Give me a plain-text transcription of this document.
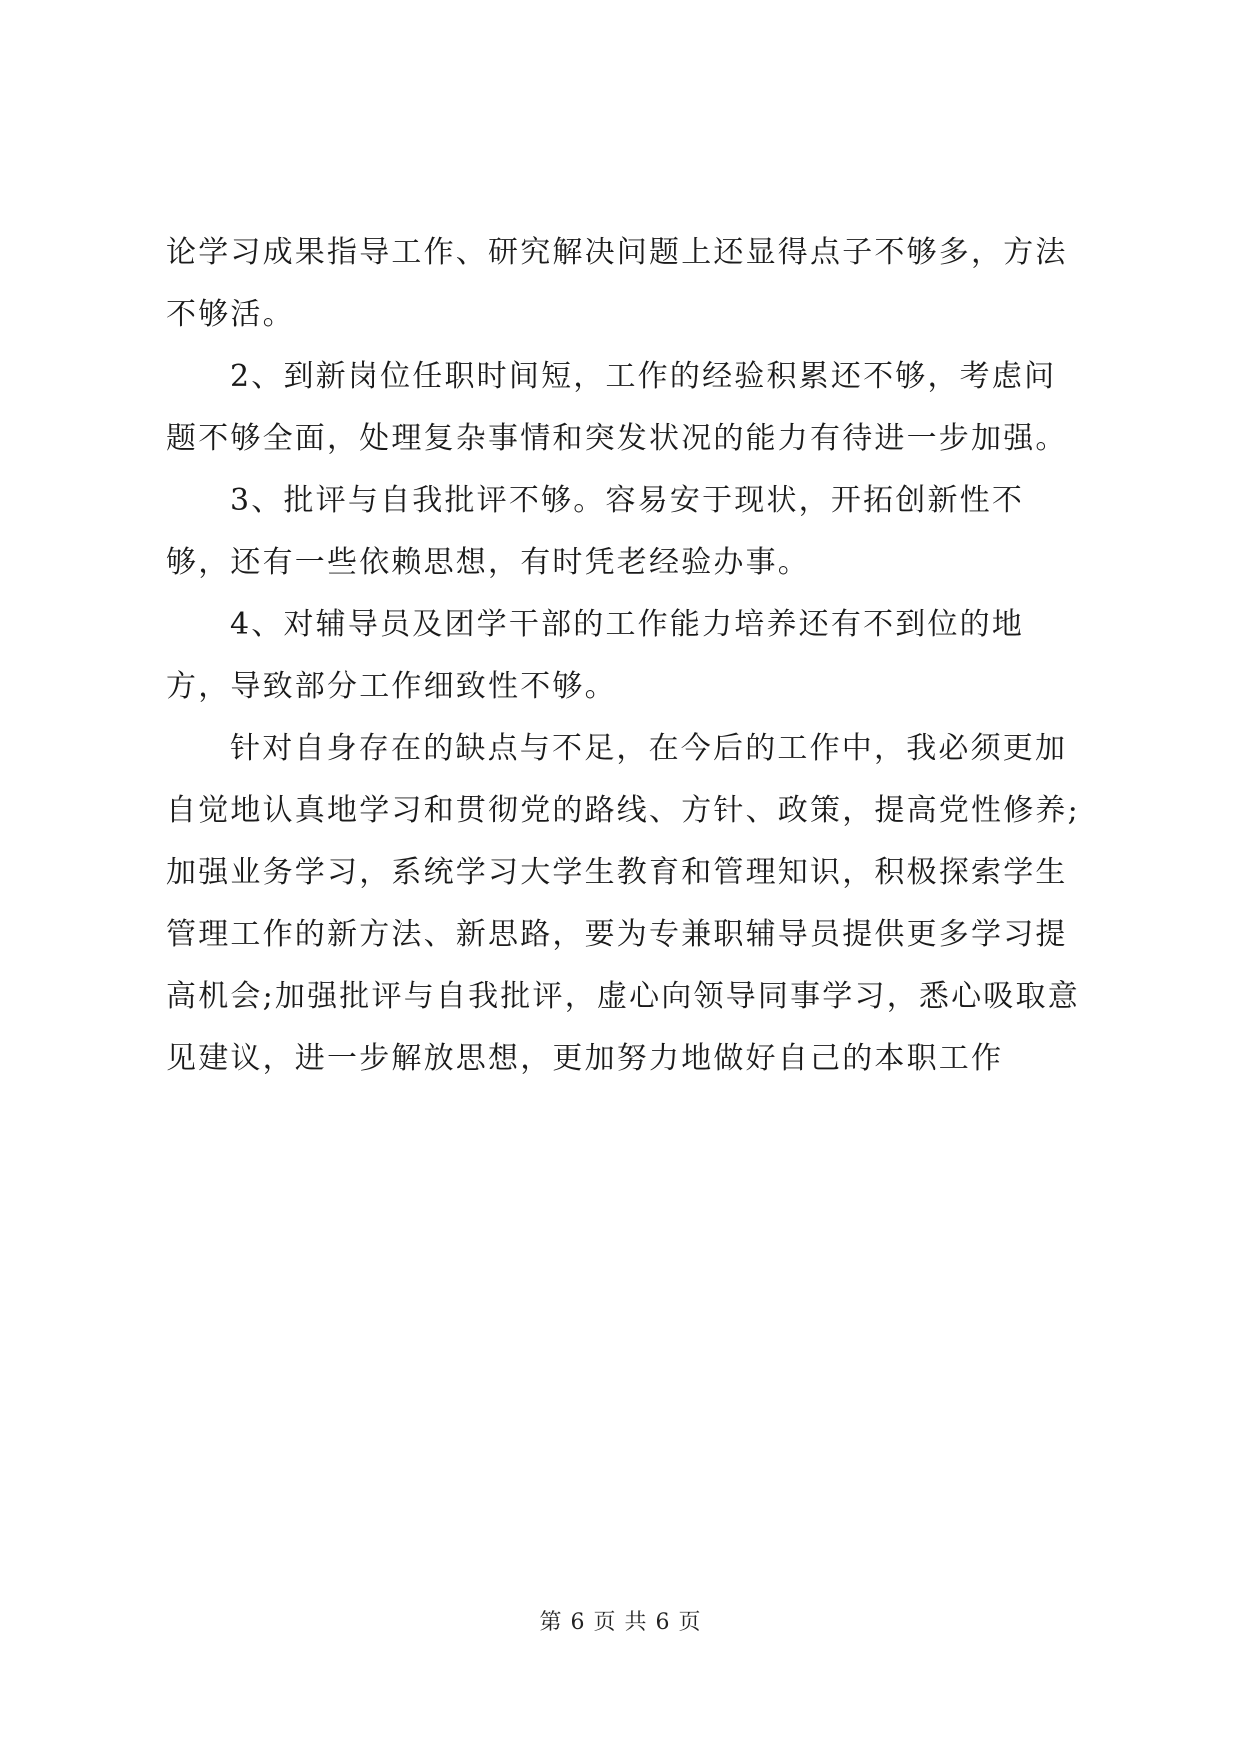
论学习成果指导工作、研究解决问题上还显得点子不够多，方法不够活。

2、到新岗位任职时间短，工作的经验积累还不够，考虑问题不够全面，处理复杂事情和突发状况的能力有待进一步加强。

3、批评与自我批评不够。容易安于现状，开拓创新性不够，还有一些依赖思想，有时凭老经验办事。

4、对辅导员及团学干部的工作能力培养还有不到位的地方，导致部分工作细致性不够。

针对自身存在的缺点与不足，在今后的工作中，我必须更加自觉地认真地学习和贯彻党的路线、方针、政策，提高党性修养;加强业务学习，系统学习大学生教育和管理知识，积极探索学生管理工作的新方法、新思路，要为专兼职辅导员提供更多学习提高机会;加强批评与自我批评，虚心向领导同事学习，悉心吸取意见建议，进一步解放思想，更加努力地做好自己的本职工作

第 6 页 共 6 页
